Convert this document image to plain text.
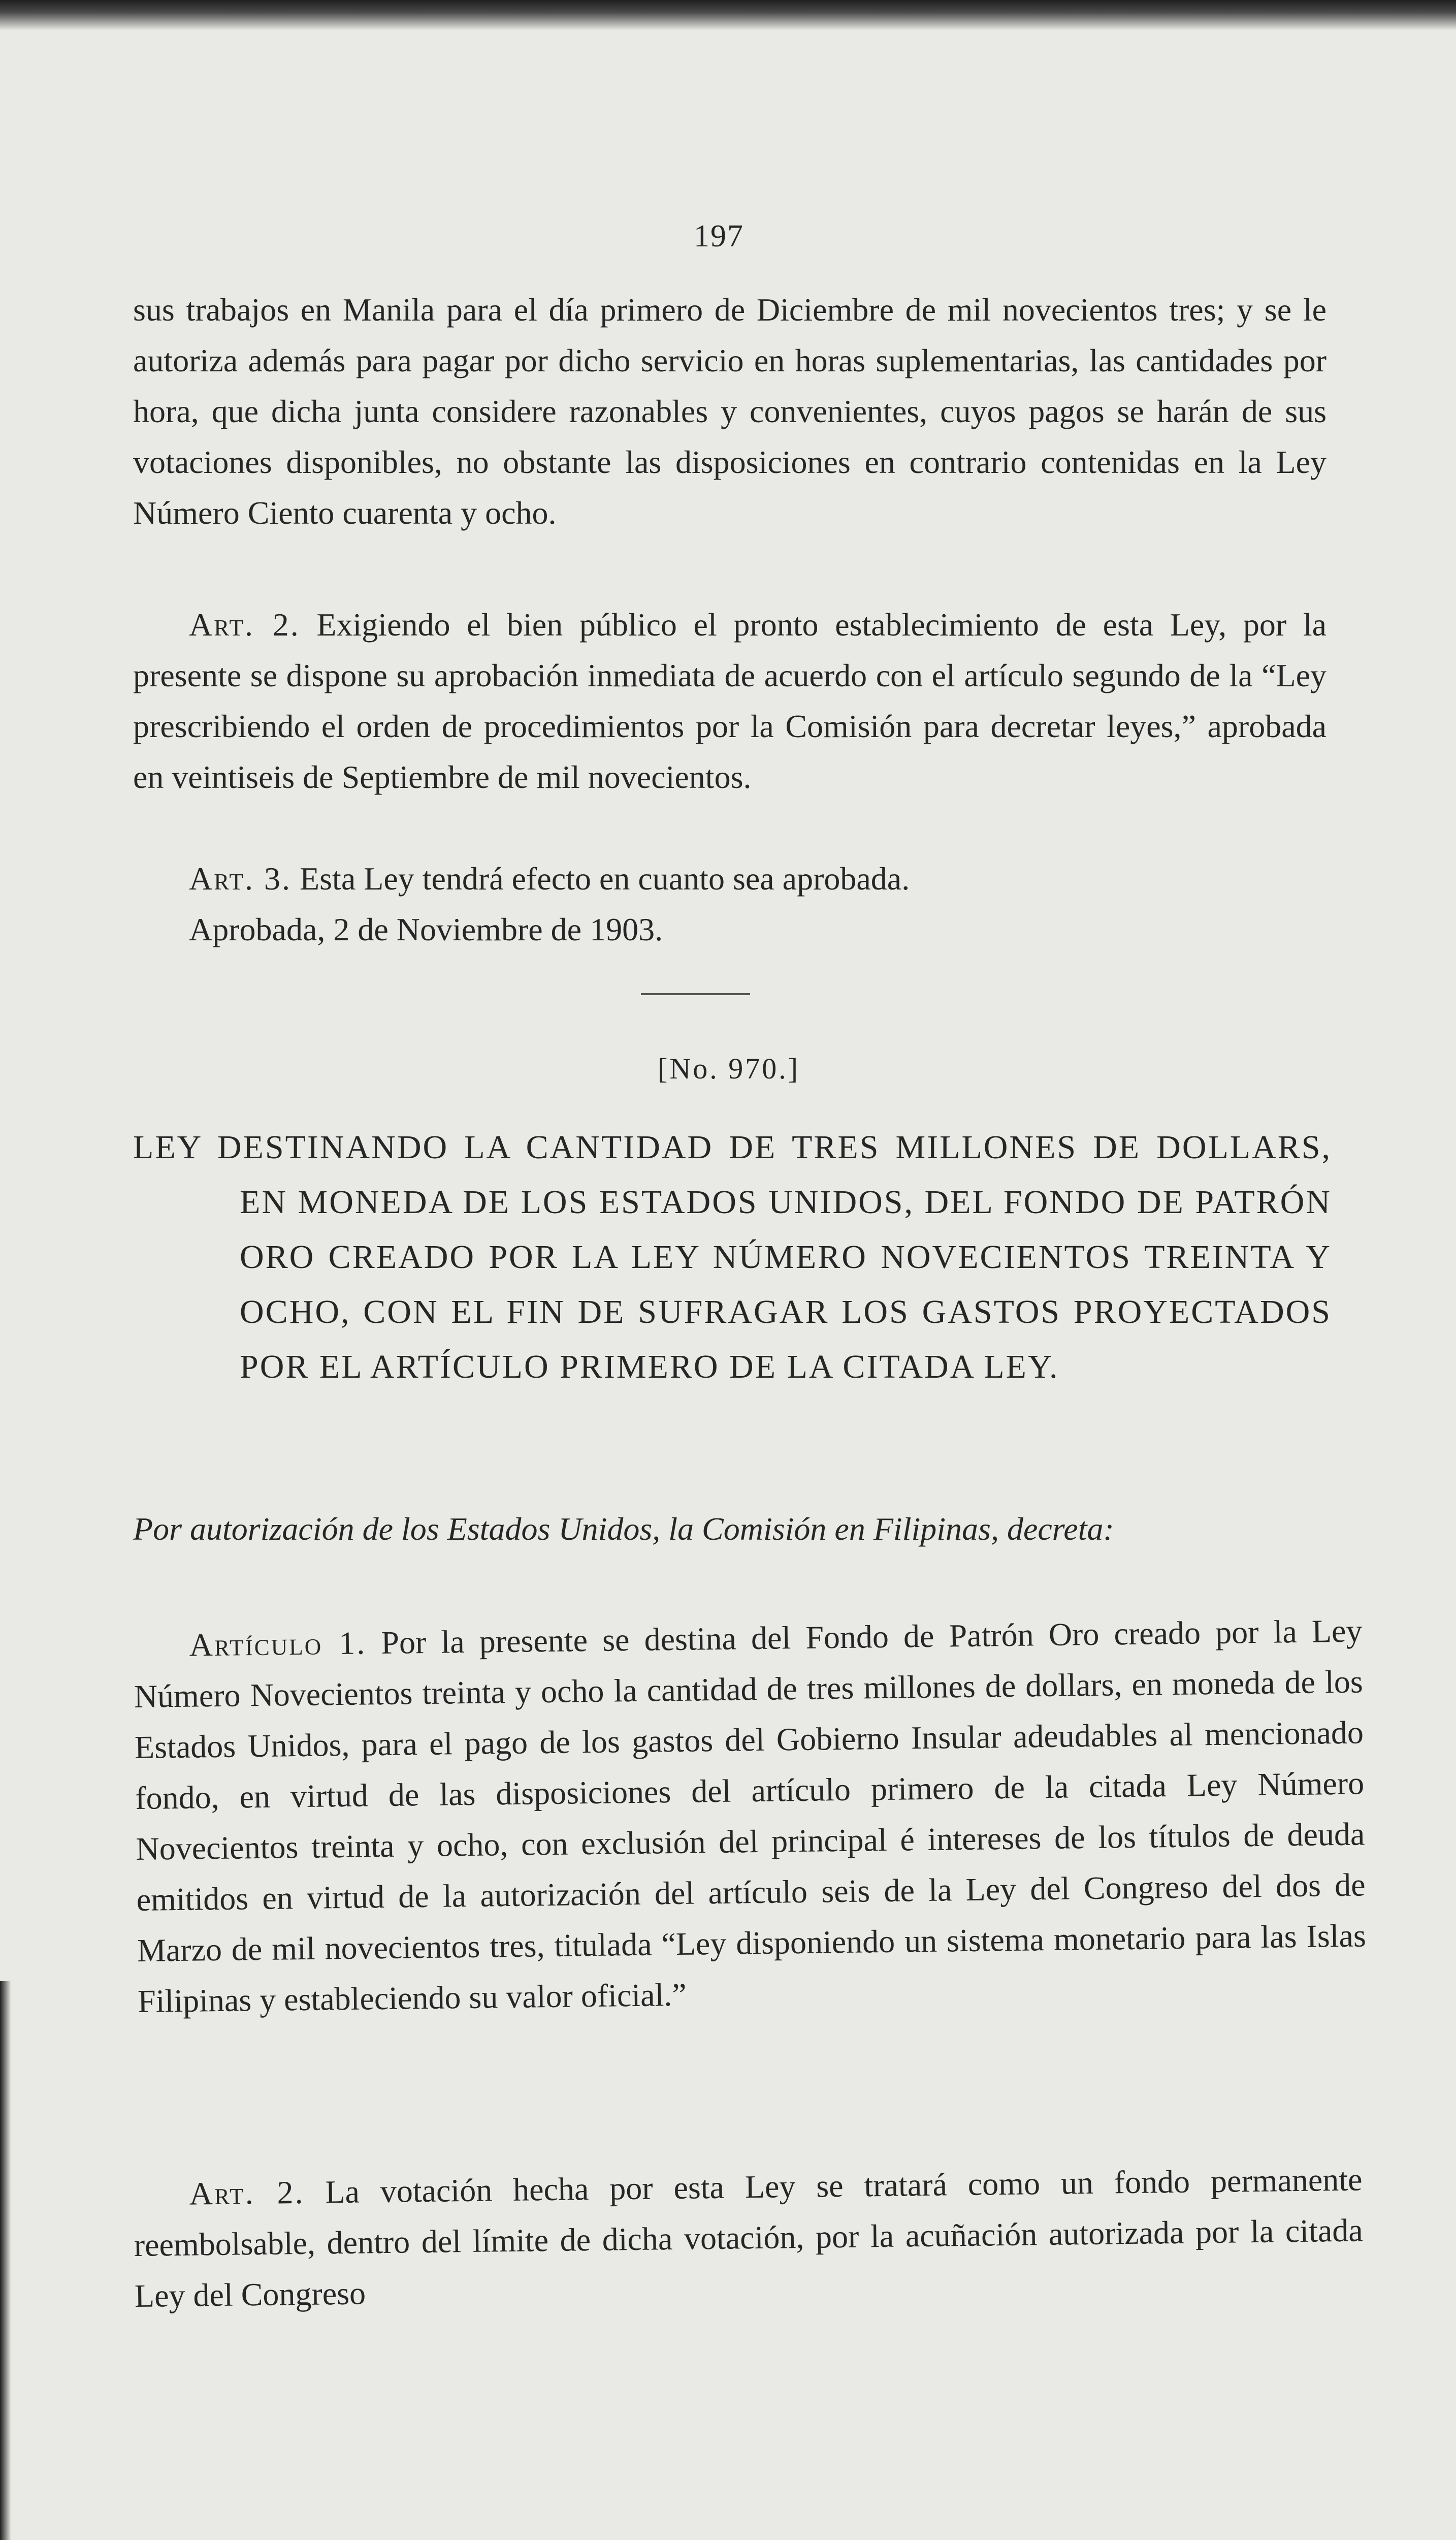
197
sus trabajos en Manila para el día primero de Diciembre de mil novecientos tres; y se le autoriza además para pagar por dicho servicio en horas suplementarias, las cantidades por hora, que dicha junta considere razonables y convenientes, cuyos pagos se harán de sus votaciones disponibles, no obstante las disposiciones en contrario contenidas en la Ley Número Ciento cuarenta y ocho.
Art. 2. Exigiendo el bien público el pronto establecimiento de esta Ley, por la presente se dispone su aprobación inmediata de acuerdo con el artículo segundo de la “Ley prescribiendo el orden de procedimientos por la Comisión para decretar leyes,” aprobada en veintiseis de Septiembre de mil novecientos.
Art. 3. Esta Ley tendrá efecto en cuanto sea aprobada.
Aprobada, 2 de Noviembre de 1903.
[No. 970.]
LEY DESTINANDO LA CANTIDAD DE TRES MILLONES DE DOLLARS, EN MONEDA DE LOS ESTADOS UNIDOS, DEL FONDO DE PATRÓN ORO CREADO POR LA LEY NÚMERO NOVECIENTOS TREINTA Y OCHO, CON EL FIN DE SUFRAGAR LOS GASTOS PROYECTADOS POR EL ARTÍCULO PRIMERO DE LA CITADA LEY.
Por autorización de los Estados Unidos, la Comisión en Filipinas, decreta:
Artículo 1. Por la presente se destina del Fondo de Patrón Oro creado por la Ley Número Novecientos treinta y ocho la cantidad de tres millones de dollars, en moneda de los Estados Unidos, para el pago de los gastos del Gobierno Insular adeudables al mencionado fondo, en virtud de las disposiciones del artículo primero de la citada Ley Número Novecientos treinta y ocho, con exclusión del principal é intereses de los títulos de deuda emitidos en virtud de la autorización del artículo seis de la Ley del Congreso del dos de Marzo de mil novecientos tres, titulada “Ley disponiendo un sistema monetario para las Islas Filipinas y estableciendo su valor oficial.”
Art. 2. La votación hecha por esta Ley se tratará como un fondo permanente reembolsable, dentro del límite de dicha votación, por la acuñación autorizada por la citada Ley del Congreso
